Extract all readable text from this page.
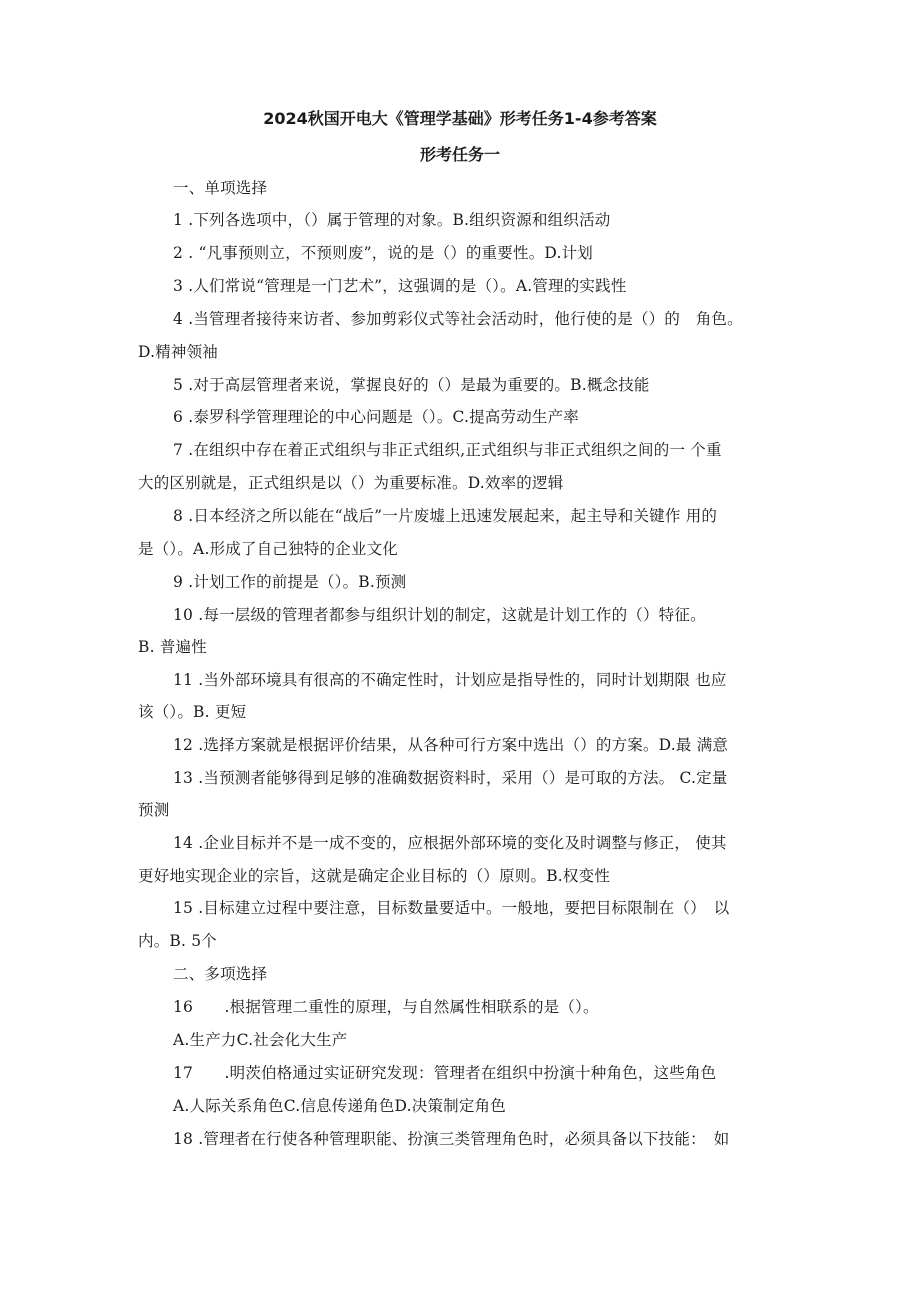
2024秋国开电大《管理学基础》形考任务1-4参考答案
形考任务一
一、单项选择
1 .下列各选项中，（）属于管理的对象。B.组织资源和组织活动
2 . “凡事预则立，不预则废”，说的是（）的重要性。D.计划
3 .人们常说“管理是一门艺术”，这强调的是（）。A.管理的实践性
4 .当管理者接待来访者、参加剪彩仪式等社会活动时，他行使的是（）的　角色。
D.精神领袖
5 .对于高层管理者来说，掌握良好的（）是最为重要的。B.概念技能
6 .泰罗科学管理理论的中心问题是（）。C.提高劳动生产率
7 .在组织中存在着正式组织与非正式组织,正式组织与非正式组织之间的一 个重
大的区别就是，正式组织是以（）为重要标准。D.效率的逻辑
8 .日本经济之所以能在“战后”一片废墟上迅速发展起来，起主导和关键作 用的
是（）。A.形成了自己独特的企业文化
9 .计划工作的前提是（）。B.预测
10 .每一层级的管理者都参与组织计划的制定，这就是计划工作的（）特征。
B. 普遍性
11 .当外部环境具有很高的不确定性时，计划应是指导性的，同时计划期限 也应
该（）。B. 更短
12 .选择方案就是根据评价结果，从各种可行方案中选出（）的方案。D.最 满意
13 .当预测者能够得到足够的准确数据资料时，采用（）是可取的方法。 C.定量
预测
14 .企业目标并不是一成不变的，应根据外部环境的变化及时调整与修正， 使其
更好地实现企业的宗旨，这就是确定企业目标的（）原则。B.权变性
15 .目标建立过程中要注意，目标数量要适中。一般地，要把目标限制在（）　以
内。B. 5个
二、多项选择
16　　.根据管理二重性的原理，与自然属性相联系的是（）。
A.生产力C.社会化大生产
17　　.明茨伯格通过实证研究发现：管理者在组织中扮演十种角色，这些角色
A.人际关系角色C.信息传递角色D.决策制定角色
18 .管理者在行使各种管理职能、扮演三类管理角色时，必须具备以下技能：　如
